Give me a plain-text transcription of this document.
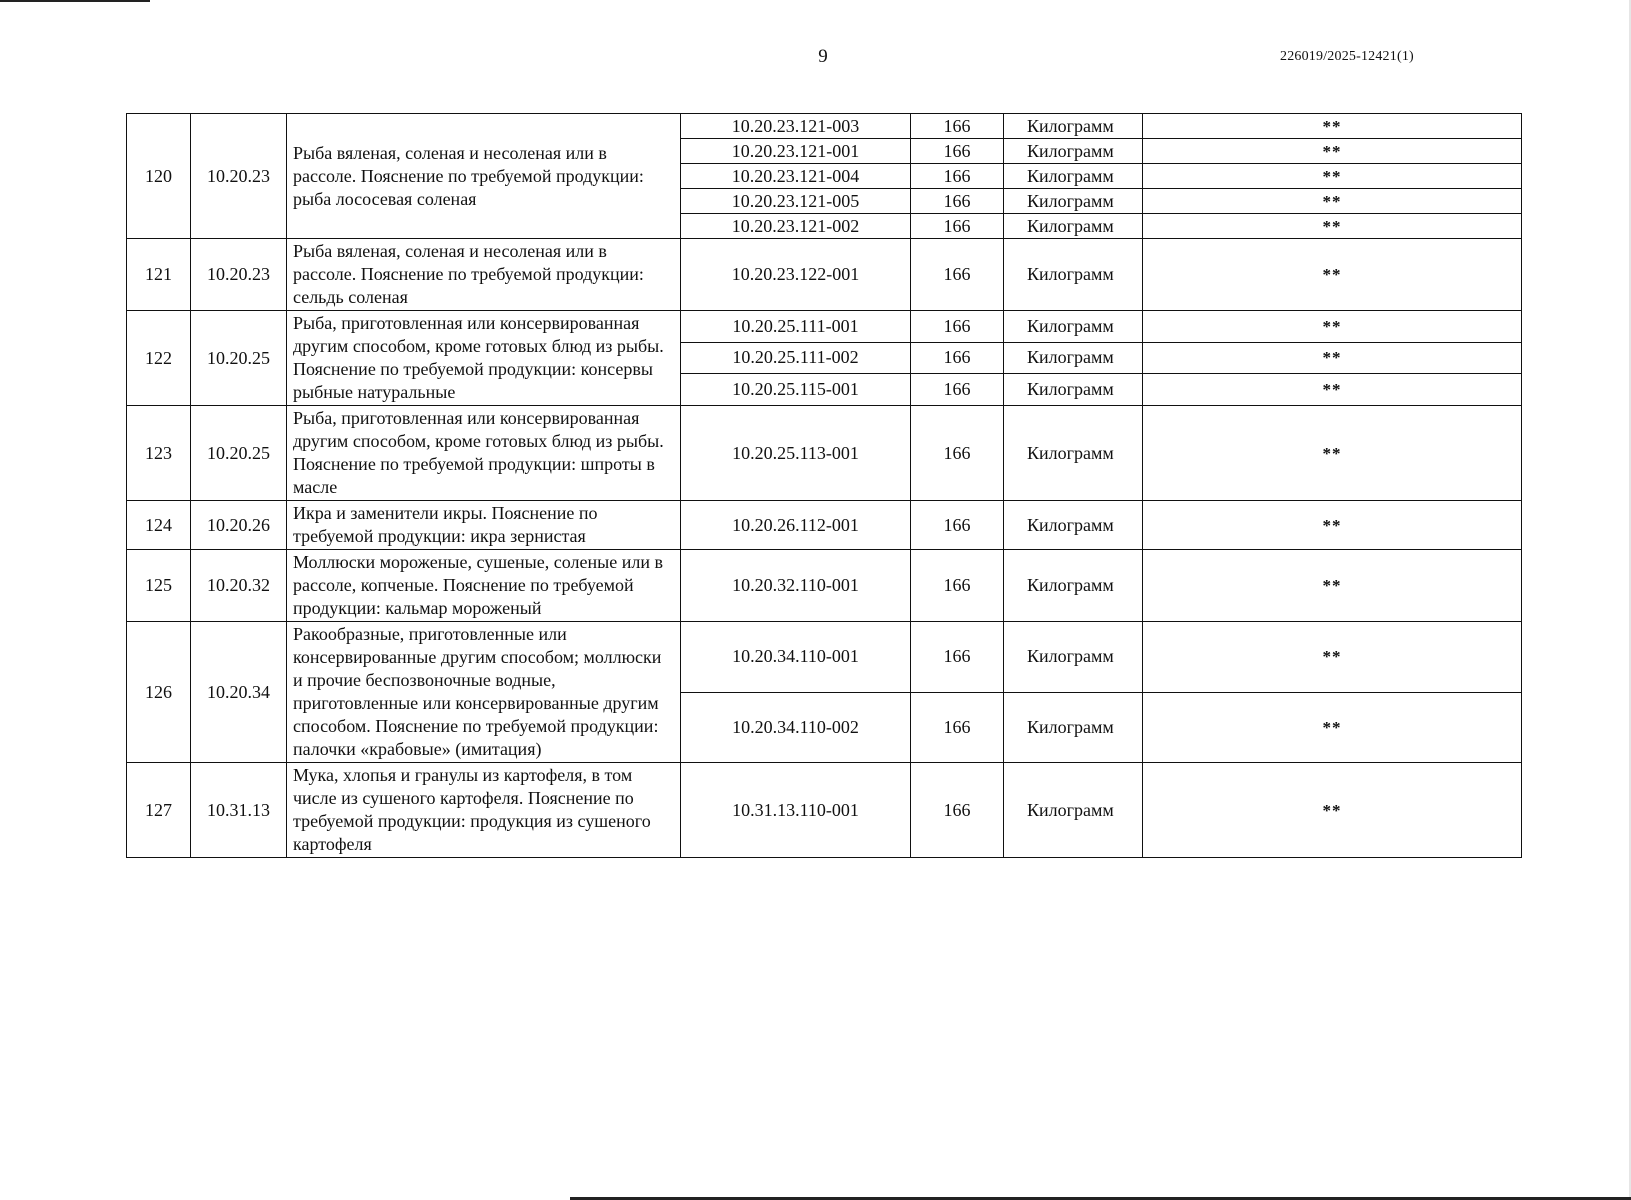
9	226019/2025-12421(1)
120	10.20.23	Рыба вяленая, соленая и несоленая или в рассоле. Пояснение по требуемой продукции: рыба лососевая соленая	10.20.23.121-003	166	Килограмм	**
			10.20.23.121-001	166	Килограмм	**
			10.20.23.121-004	166	Килограмм	**
			10.20.23.121-005	166	Килограмм	**
			10.20.23.121-002	166	Килограмм	**
121	10.20.23	Рыба вяленая, соленая и несоленая или в рассоле. Пояснение по требуемой продукции: сельдь соленая	10.20.23.122-001	166	Килограмм	**
122	10.20.25	Рыба, приготовленная или консервированная другим способом, кроме готовых блюд из рыбы. Пояснение по требуемой продукции: консервы рыбные натуральные	10.20.25.111-001	166	Килограмм	**
			10.20.25.111-002	166	Килограмм	**
			10.20.25.115-001	166	Килограмм	**
123	10.20.25	Рыба, приготовленная или консервированная другим способом, кроме готовых блюд из рыбы. Пояснение по требуемой продукции: шпроты в масле	10.20.25.113-001	166	Килограмм	**
124	10.20.26	Икра и заменители икры. Пояснение по требуемой продукции: икра зернистая	10.20.26.112-001	166	Килограмм	**
125	10.20.32	Моллюски мороженые, сушеные, соленые или в рассоле, копченые. Пояснение по требуемой продукции: кальмар мороженый	10.20.32.110-001	166	Килограмм	**
126	10.20.34	Ракообразные, приготовленные или консервированные другим способом; моллюски и прочие беспозвоночные водные, приготовленные или консервированные другим способом. Пояснение по требуемой продукции: палочки «крабовые» (имитация)	10.20.34.110-001	166	Килограмм	**
			10.20.34.110-002	166	Килограмм	**
127	10.31.13	Мука, хлопья и гранулы из картофеля, в том числе из сушеного картофеля. Пояснение по требуемой продукции: продукция из сушеного картофеля	10.31.13.110-001	166	Килограмм	**
